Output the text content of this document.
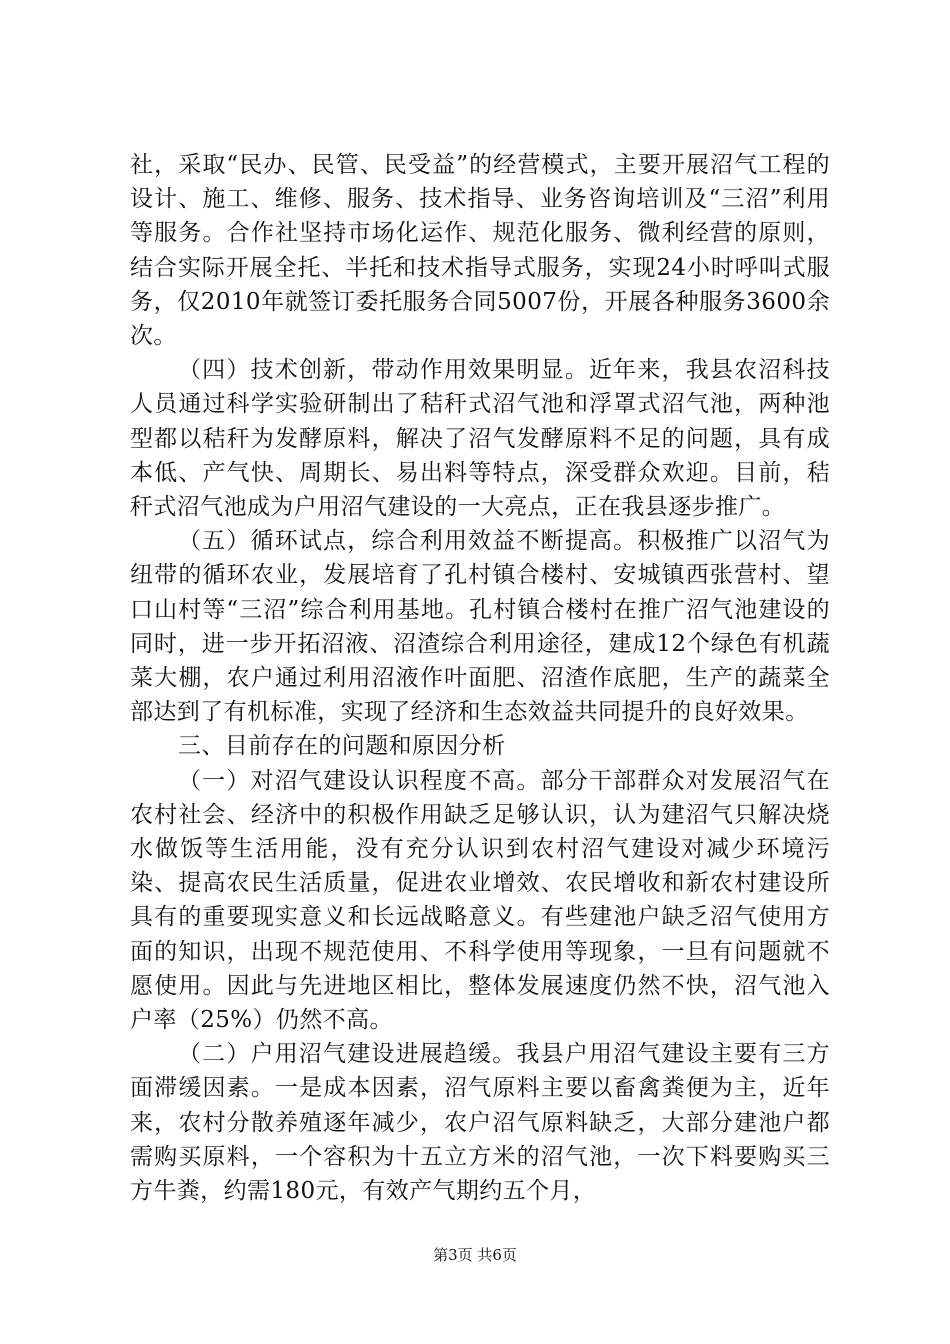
社，采取“民办、民管、民受益”的经营模式，主要开展沼气工程的设计、施工、维修、服务、技术指导、业务咨询培训及“三沼”利用等服务。合作社坚持市场化运作、规范化服务、微利经营的原则，结合实际开展全托、半托和技术指导式服务，实现24小时呼叫式服务，仅2010年就签订委托服务合同5007份，开展各种服务3600余次。

（四）技术创新，带动作用效果明显。近年来，我县农沼科技人员通过科学实验研制出了秸秆式沼气池和浮罩式沼气池，两种池型都以秸秆为发酵原料，解决了沼气发酵原料不足的问题，具有成本低、产气快、周期长、易出料等特点，深受群众欢迎。目前，秸秆式沼气池成为户用沼气建设的一大亮点，正在我县逐步推广。

（五）循环试点，综合利用效益不断提高。积极推广以沼气为纽带的循环农业，发展培育了孔村镇合楼村、安城镇西张营村、望口山村等“三沼”综合利用基地。孔村镇合楼村在推广沼气池建设的同时，进一步开拓沼液、沼渣综合利用途径，建成12个绿色有机蔬菜大棚，农户通过利用沼液作叶面肥、沼渣作底肥，生产的蔬菜全部达到了有机标准，实现了经济和生态效益共同提升的良好效果。

三、目前存在的问题和原因分析

（一）对沼气建设认识程度不高。部分干部群众对发展沼气在农村社会、经济中的积极作用缺乏足够认识，认为建沼气只解决烧水做饭等生活用能，没有充分认识到农村沼气建设对减少环境污染、提高农民生活质量，促进农业增效、农民增收和新农村建设所具有的重要现实意义和长远战略意义。有些建池户缺乏沼气使用方面的知识，出现不规范使用、不科学使用等现象，一旦有问题就不愿使用。因此与先进地区相比，整体发展速度仍然不快，沼气池入户率（25%）仍然不高。

（二）户用沼气建设进展趋缓。我县户用沼气建设主要有三方面滞缓因素。一是成本因素，沼气原料主要以畜禽粪便为主，近年来，农村分散养殖逐年减少，农户沼气原料缺乏，大部分建池户都需购买原料，一个容积为十五立方米的沼气池，一次下料要购买三方牛粪，约需180元，有效产气期约五个月，

第3页 共6页
